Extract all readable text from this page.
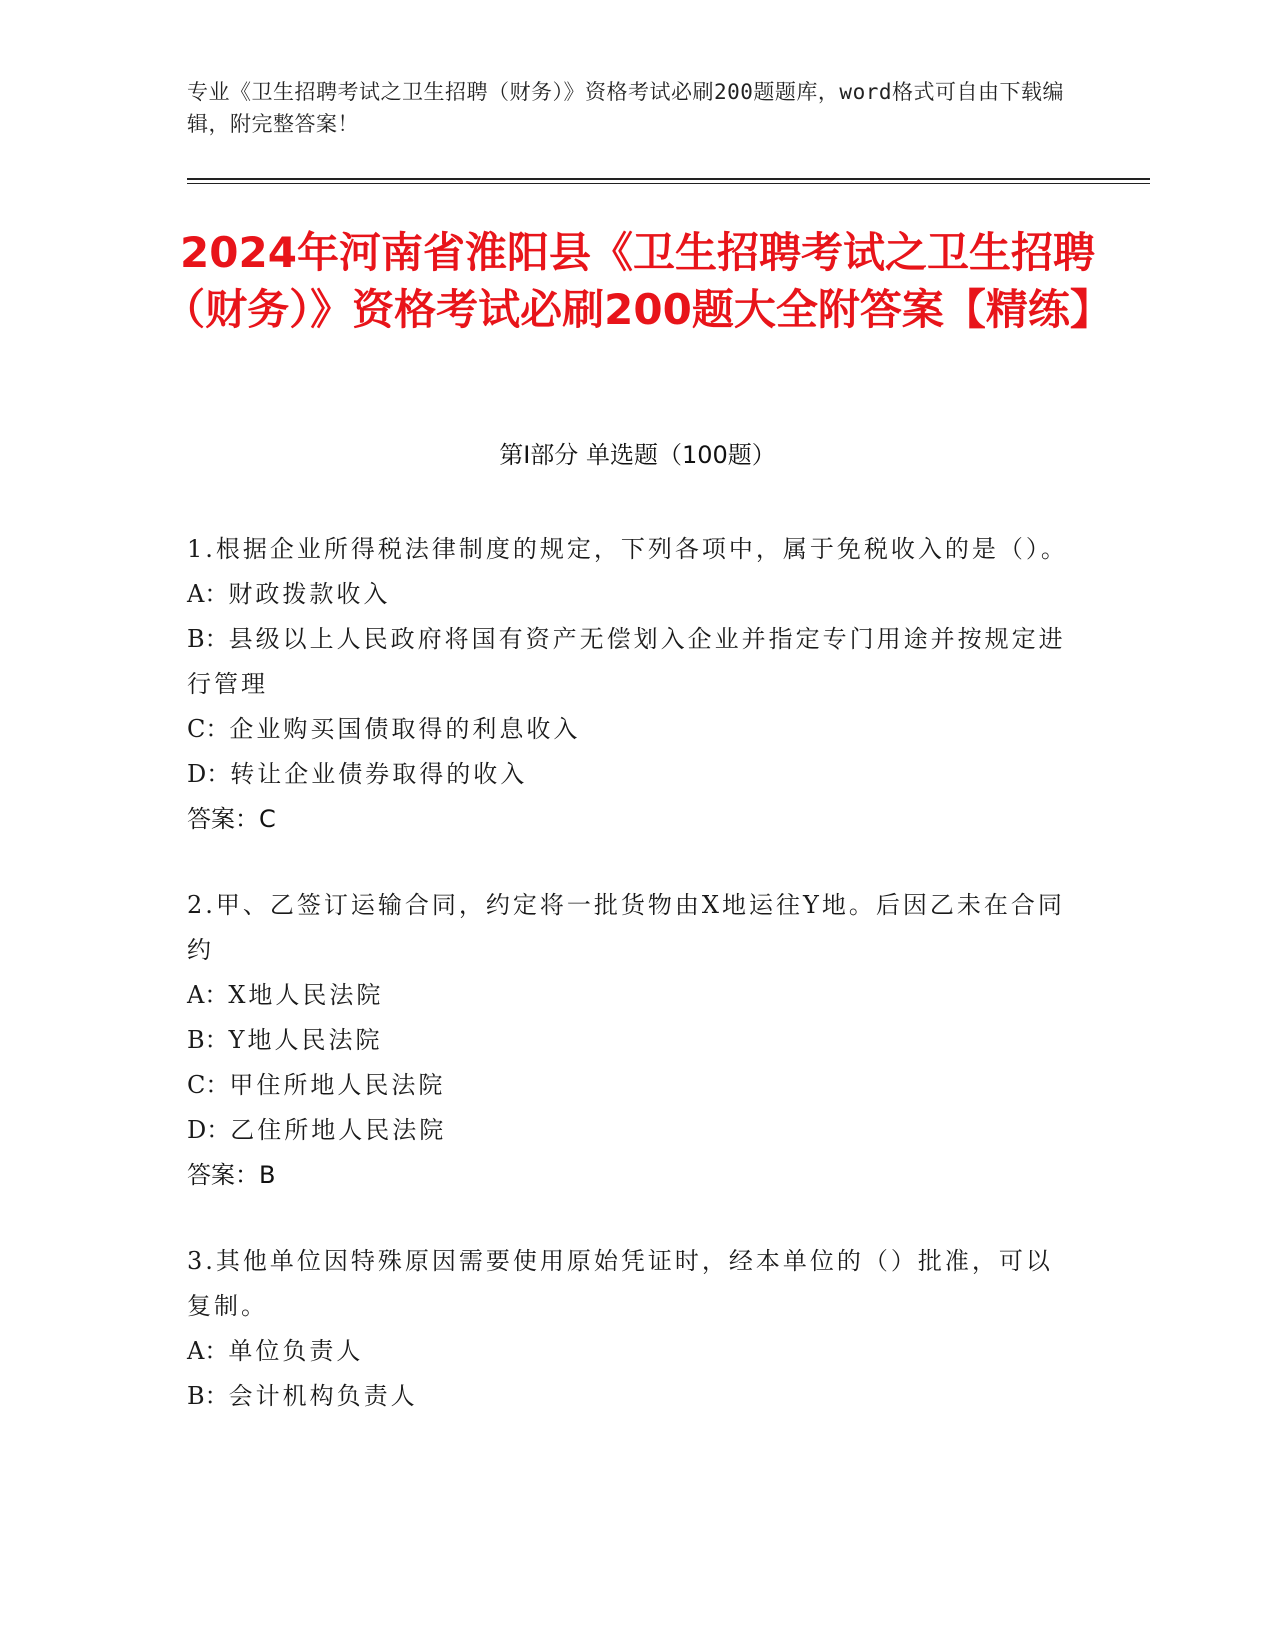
专业《卫生招聘考试之卫生招聘（财务）》资格考试必刷200题题库，word格式可自由下载编辑，附完整答案！
2024年河南省淮阳县《卫生招聘考试之卫生招聘（财务）》资格考试必刷200题大全附答案【精练】
第Ⅰ部分 单选题（100题）
1.根据企业所得税法律制度的规定，下列各项中，属于免税收入的是（）。
A：财政拨款收入
B：县级以上人民政府将国有资产无偿划入企业并指定专门用途并按规定进行管理
C：企业购买国债取得的利息收入
D：转让企业债券取得的收入
答案：C
2.甲、乙签订运输合同，约定将一批货物由X地运往Y地。后因乙未在合同约
A：X地人民法院
B：Y地人民法院
C：甲住所地人民法院
D：乙住所地人民法院
答案：B
3.其他单位因特殊原因需要使用原始凭证时，经本单位的（）批准，可以复制。
A：单位负责人
B：会计机构负责人
